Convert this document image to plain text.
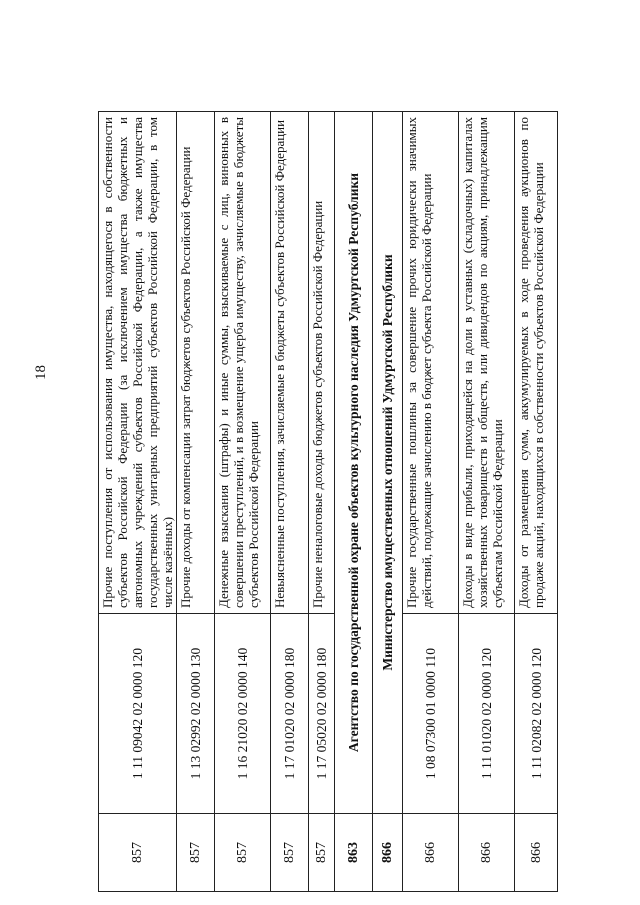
18
857	1 11 09042 02 0000 120	Прочие поступления от использования имущества, находящегося в собственности субъектов Российской Федерации (за исключением имущества бюджетных и автономных учреждений субъектов Российской Федерации, а также имущества государственных унитарных предприятий субъектов Российской Федерации, в том числе казённых)
857	1 13 02992 02 0000 130	Прочие доходы от компенсации затрат бюджетов субъектов Российской Федерации
857	1 16 21020 02 0000 140	Денежные взыскания (штрафы) и иные суммы, взыскиваемые с лиц, виновных в совершении преступлений, и в возмещение ущерба имуществу, зачисляемые в бюджеты субъектов Российской Федерации
857	1 17 01020 02 0000 180	Невыясненные поступления, зачисляемые в бюджеты субъектов Российской Федерации
857	1 17 05020 02 0000 180	Прочие неналоговые доходы бюджетов субъектов Российской Федерации
863	Агентство по государственной охране объектов культурного наследия Удмуртской Республики	
866	Министерство имущественных отношений Удмуртской Республики	
866	1 08 07300 01 0000 110	Прочие государственные пошлины за совершение прочих юридически значимых действий, подлежащие зачислению в бюджет субъекта Российской Федерации
866	1 11 01020 02 0000 120	Доходы в виде прибыли, приходящейся на доли в уставных (складочных) капиталах хозяйственных товариществ и обществ, или дивидендов по акциям, принадлежащим субъектам Российской Федерации
866	1 11 02082 02 0000 120	Доходы от размещения сумм, аккумулируемых в ходе проведения аукционов по продаже акций, находящихся в собственности субъектов Российской Федерации
